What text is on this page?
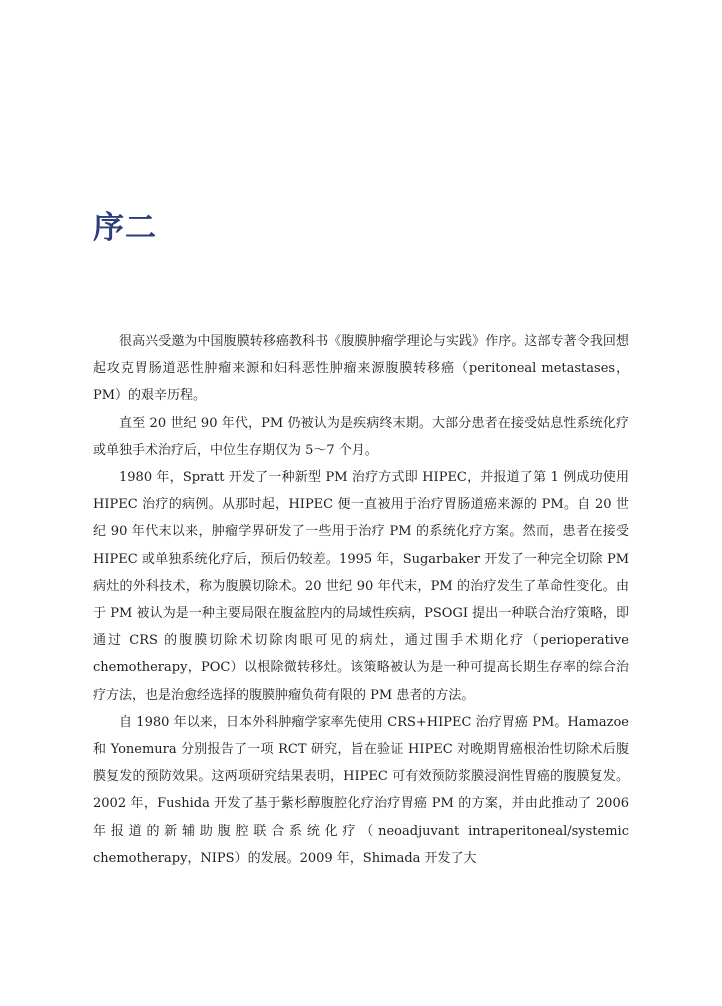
序二

很高兴受邀为中国腹膜转移癌教科书《腹膜肿瘤学理论与实践》作序。这部专著令我回想起攻克胃肠道恶性肿瘤来源和妇科恶性肿瘤来源腹膜转移癌（peritoneal metastases，PM）的艰辛历程。

直至 20 世纪 90 年代，PM 仍被认为是疾病终末期。大部分患者在接受姑息性系统化疗或单独手术治疗后，中位生存期仅为 5～7 个月。

1980 年，Spratt 开发了一种新型 PM 治疗方式即 HIPEC，并报道了第 1 例成功使用 HIPEC 治疗的病例。从那时起，HIPEC 便一直被用于治疗胃肠道癌来源的 PM。自 20 世纪 90 年代末以来，肿瘤学界研发了一些用于治疗 PM 的系统化疗方案。然而，患者在接受 HIPEC 或单独系统化疗后，预后仍较差。1995 年，Sugarbaker 开发了一种完全切除 PM 病灶的外科技术，称为腹膜切除术。20 世纪 90 年代末，PM 的治疗发生了革命性变化。由于 PM 被认为是一种主要局限在腹盆腔内的局域性疾病，PSOGI 提出一种联合治疗策略，即通过 CRS 的腹膜切除术切除肉眼可见的病灶，通过围手术期化疗（perioperative chemotherapy，POC）以根除微转移灶。该策略被认为是一种可提高长期生存率的综合治疗方法，也是治愈经选择的腹膜肿瘤负荷有限的 PM 患者的方法。

自 1980 年以来，日本外科肿瘤学家率先使用 CRS+HIPEC 治疗胃癌 PM。Hamazoe 和 Yonemura 分别报告了一项 RCT 研究，旨在验证 HIPEC 对晚期胃癌根治性切除术后腹膜复发的预防效果。这两项研究结果表明，HIPEC 可有效预防浆膜浸润性胃癌的腹膜复发。2002 年，Fushida 开发了基于紫杉醇腹腔化疗治疗胃癌 PM 的方案，并由此推动了 2006 年报道的新辅助腹腔联合系统化疗（neoadjuvant intraperitoneal/systemic chemotherapy，NIPS）的发展。2009 年，Shimada 开发了大
